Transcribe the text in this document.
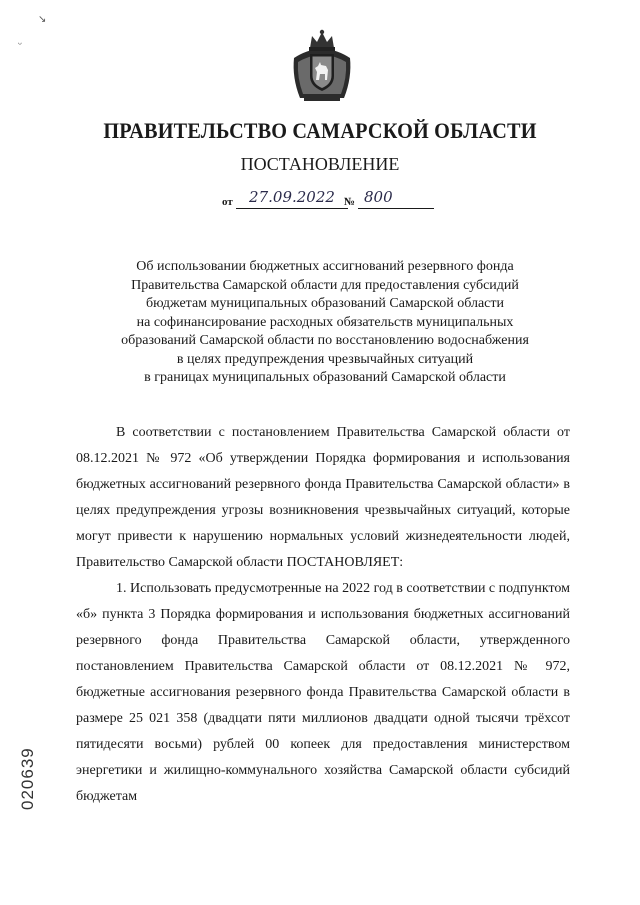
↘
ᵕ
ПРАВИТЕЛЬСТВО САМАРСКОЙ ОБЛАСТИ
ПОСТАНОВЛЕНИЕ
от	27.09.2022 № 800
Об использовании бюджетных ассигнований резервного фонда
Правительства Самарской области для предоставления субсидий
бюджетам муниципальных образований Самарской области
на софинансирование расходных обязательств муниципальных
образований Самарской области по восстановлению водоснабжения
в целях предупреждения чрезвычайных ситуаций
в границах муниципальных образований Самарской области

В соответствии с постановлением Правительства Самарской области от 08.12.2021 № 972 «Об утверждении Порядка формирования и использования бюджетных ассигнований резервного фонда Правительства Самарской области» в целях предупреждения угрозы возникновения чрезвычайных ситуаций, которые могут привести к нарушению нормальных условий жизнедеятельности людей, Правительство Самарской области ПОСТАНОВЛЯЕТ:

1. Использовать предусмотренные на 2022 год в соответствии с подпунктом «б» пункта 3 Порядка формирования и использования бюджетных ассигнований резервного фонда Правительства Самарской области, утвержденного постановлением Правительства Самарской области от 08.12.2021 № 972, бюджетные ассигнования резервного фонда Правительства Самарской области в размере 25 021 358 (двадцати пяти миллионов двадцати одной тысячи трёхсот пятидесяти восьми) рублей 00 копеек для предоставления министерством энергетики и жилищно-коммунального хозяйства Самарской области субсидий бюджетам

020639
